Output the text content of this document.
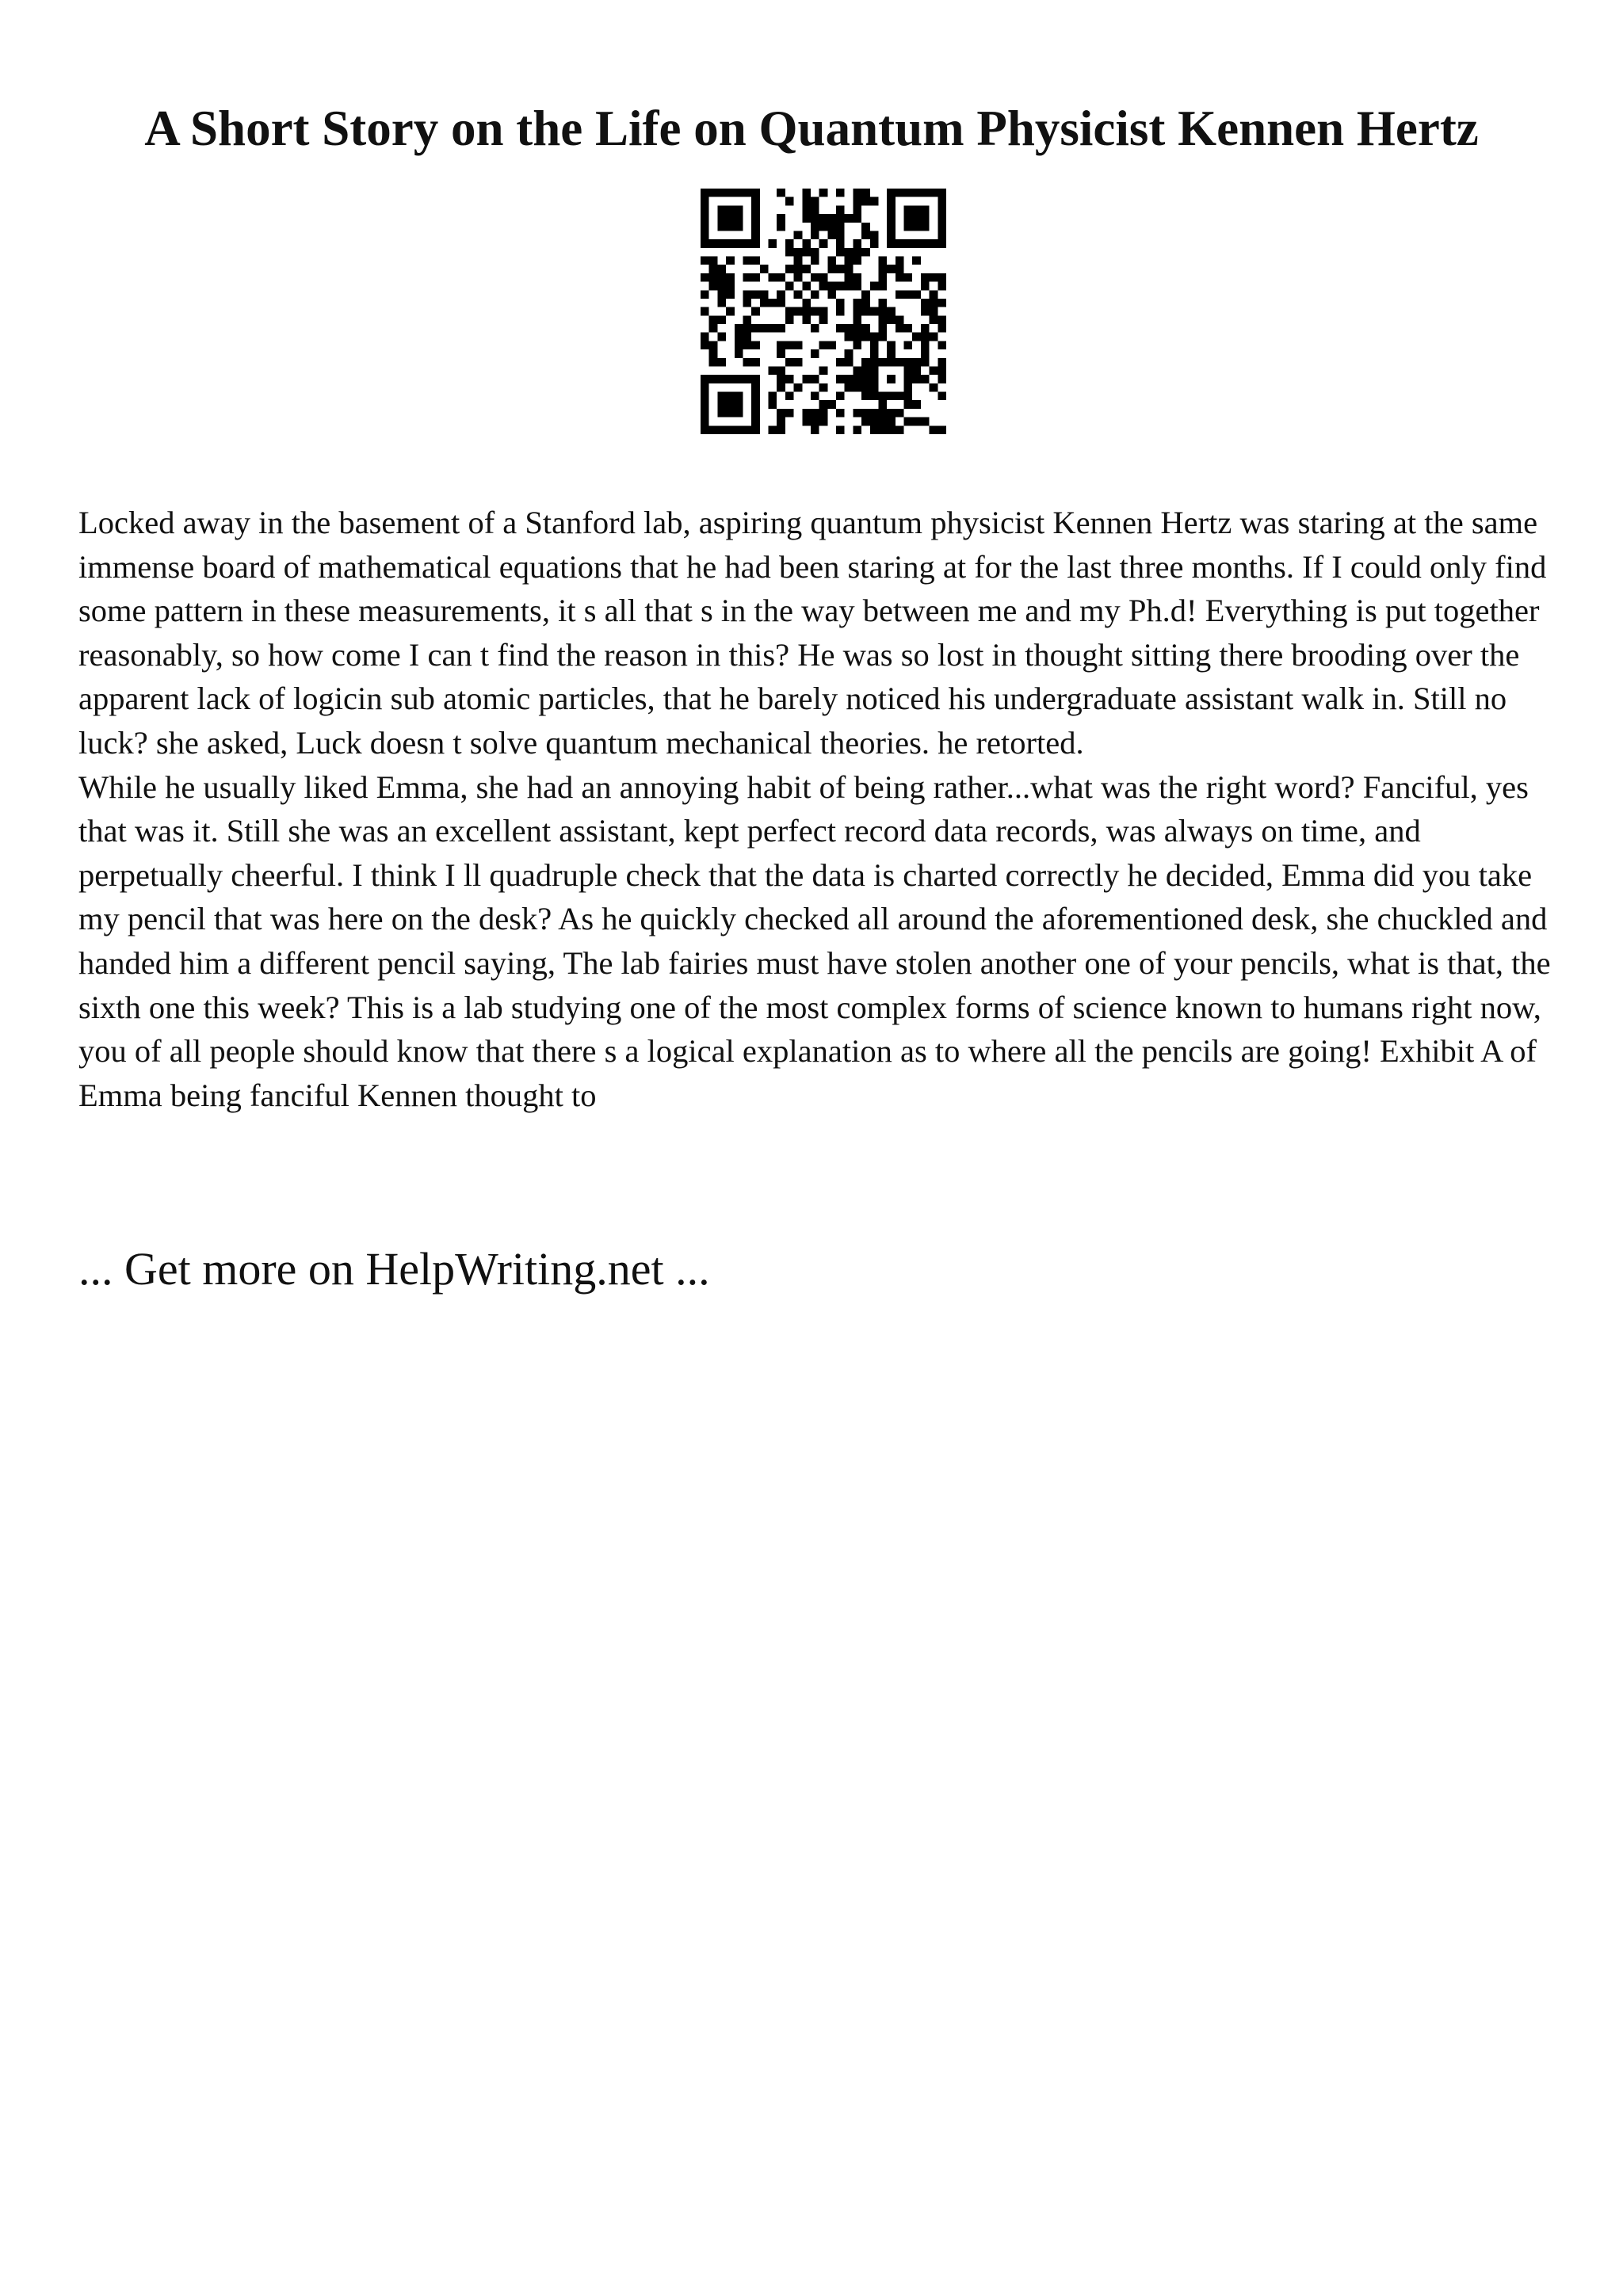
A Short Story on the Life on Quantum Physicist Kennen Hertz

Locked away in the basement of a Stanford lab, aspiring quantum physicist Kennen Hertz was staring at the same immense board of mathematical equations that he had been staring at for the last three months. If I could only find some pattern in these measurements, it s all that s in the way between me and my Ph.d! Everything is put together reasonably, so how come I can t find the reason in this? He was so lost in thought sitting there brooding over the apparent lack of logicin sub atomic particles, that he barely noticed his undergraduate assistant walk in. Still no luck? she asked, Luck doesn t solve quantum mechanical theories. he retorted.

While he usually liked Emma, she had an annoying habit of being rather...what was the right word? Fanciful, yes that was it. Still she was an excellent assistant, kept perfect record data records, was always on time, and perpetually cheerful. I think I ll quadruple check that the data is charted correctly he decided, Emma did you take my pencil that was here on the desk? As he quickly checked all around the aforementioned desk, she chuckled and handed him a different pencil saying, The lab fairies must have stolen another one of your pencils, what is that, the sixth one this week? This is a lab studying one of the most complex forms of science known to humans right now, you of all people should know that there s a logical explanation as to where all the pencils are going! Exhibit A of Emma being fanciful Kennen thought to

... Get more on HelpWriting.net ...
